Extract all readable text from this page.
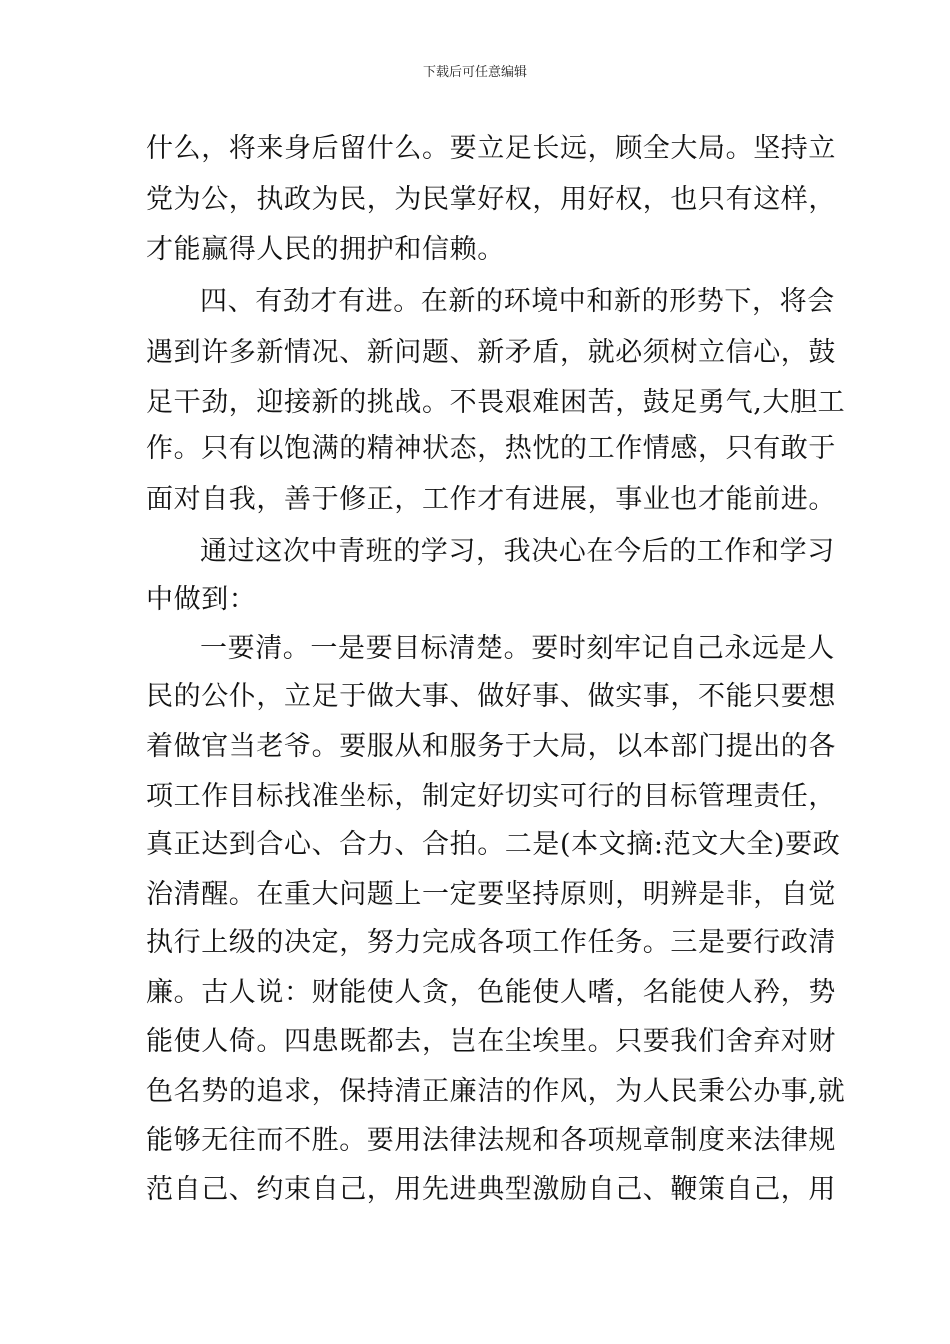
下载后可任意编辑
什么，将来身后留什么。要立足长远，顾全大局。坚持立
党为公，执政为民，为民掌好权，用好权，也只有这样，
才能赢得人民的拥护和信赖。
四、有劲才有进。在新的环境中和新的形势下，将会
遇到许多新情况、新问题、新矛盾，就必须树立信心，鼓
足干劲，迎接新的挑战。不畏艰难困苦，鼓足勇气,大胆工
作。只有以饱满的精神状态，热忱的工作情感，只有敢于
面对自我，善于修正，工作才有进展，事业也才能前进。
通过这次中青班的学习，我决心在今后的工作和学习
中做到：
一要清。一是要目标清楚。要时刻牢记自己永远是人
民的公仆，立足于做大事、做好事、做实事，不能只要想
着做官当老爷。要服从和服务于大局，以本部门提出的各
项工作目标找准坐标，制定好切实可行的目标管理责任，
真正达到合心、合力、合拍。二是(本文摘:范文大全)要政
治清醒。在重大问题上一定要坚持原则，明辨是非，自觉
执行上级的决定，努力完成各项工作任务。三是要行政清
廉。古人说：财能使人贪，色能使人嗜，名能使人矜，势
能使人倚。四患既都去，岂在尘埃里。只要我们舍弃对财
色名势的追求，保持清正廉洁的作风，为人民秉公办事,就
能够无往而不胜。要用法律法规和各项规章制度来法律规
范自己、约束自己，用先进典型激励自己、鞭策自己，用
